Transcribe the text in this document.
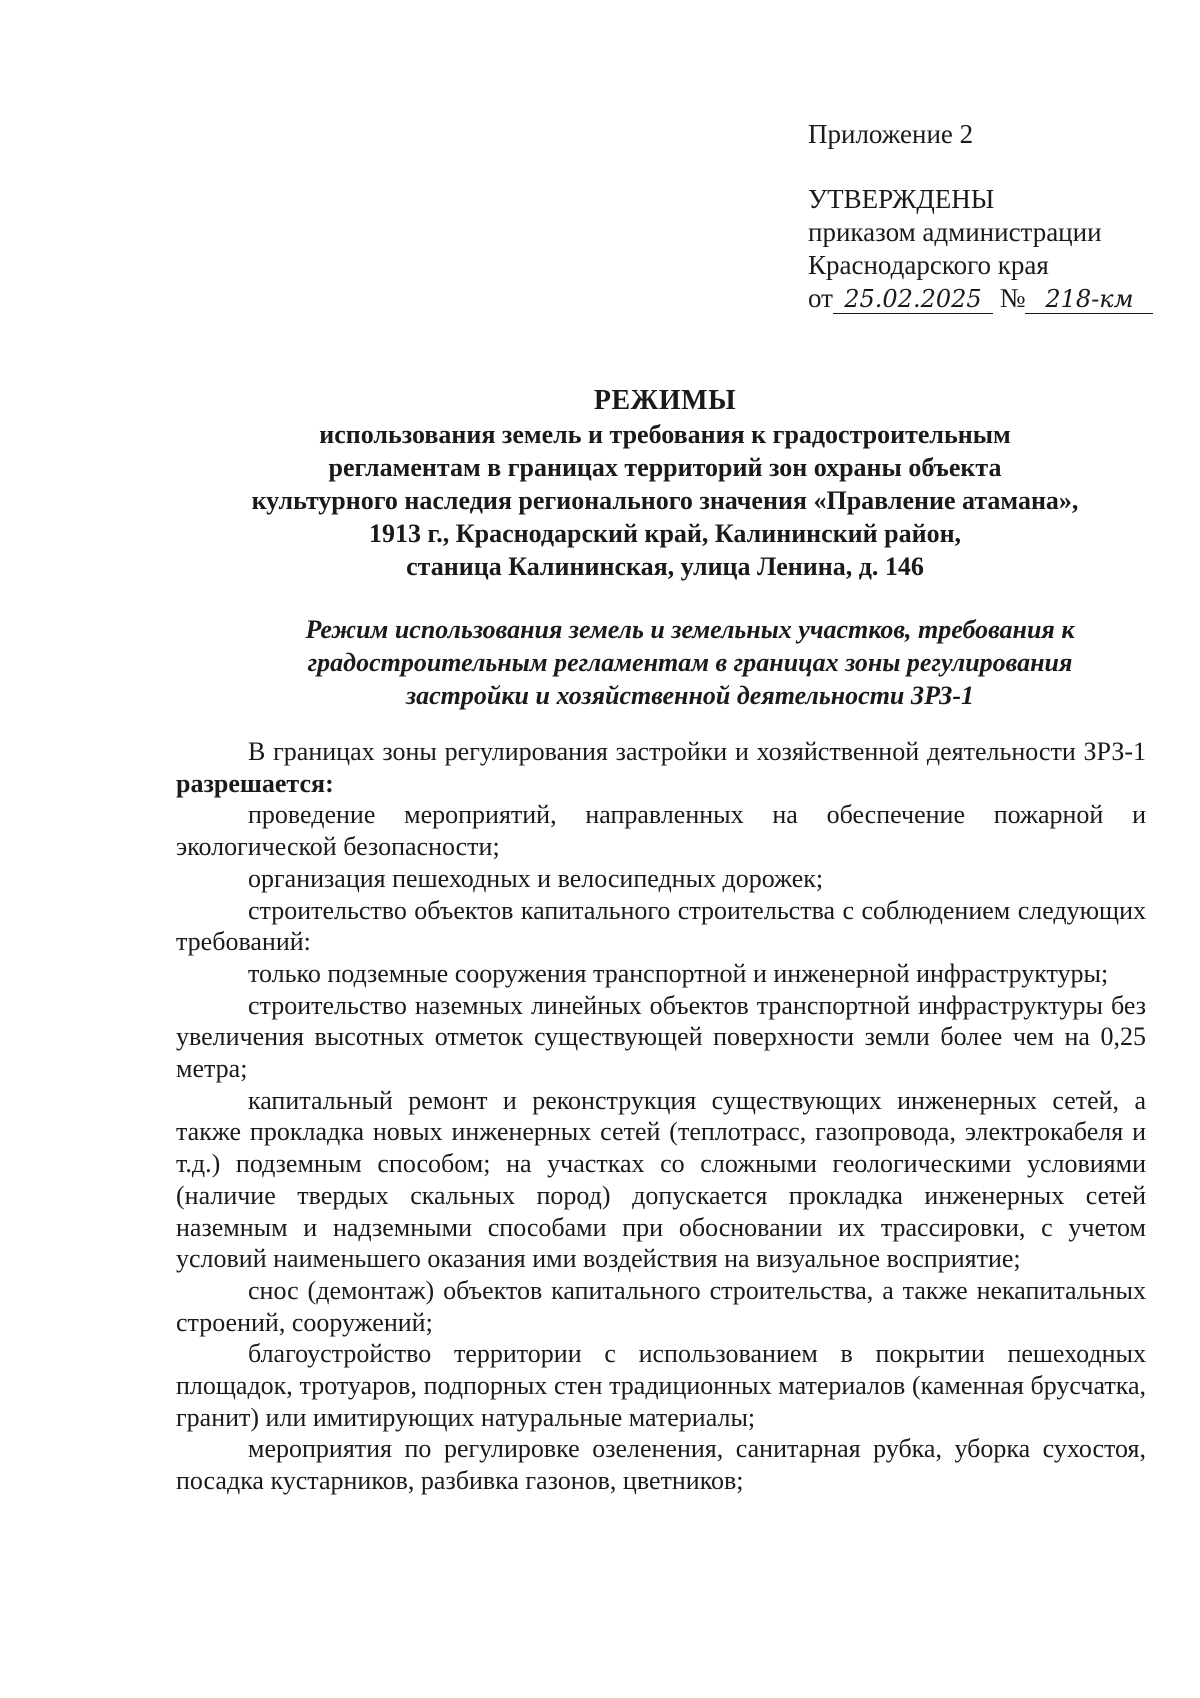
Приложение 2
УТВЕРЖДЕНЫ
приказом администрации
Краснодарского края
от 25.02.2025 № 218-км
РЕЖИМЫ
использования земель и требования к градостроительным
регламентам в границах территорий зон охраны объекта
культурного наследия регионального значения «Правление атамана»,
1913 г., Краснодарский край, Калининский район,
станица Калининская, улица Ленина, д. 146
Режим использования земель и земельных участков, требования к
градостроительным регламентам в границах зоны регулирования
застройки и хозяйственной деятельности ЗРЗ-1

В границах зоны регулирования застройки и хозяйственной деятельности ЗРЗ-1 разрешается:

проведение мероприятий, направленных на обеспечение пожарной и экологической безопасности;

организация пешеходных и велосипедных дорожек;

строительство объектов капитального строительства с соблюдением следующих требований:

только подземные сооружения транспортной и инженерной инфраструктуры;

строительство наземных линейных объектов транспортной инфраструктуры без увеличения высотных отметок существующей поверхности земли более чем на 0,25 метра;

капитальный ремонт и реконструкция существующих инженерных сетей, а также прокладка новых инженерных сетей (теплотрасс, газопровода, электрокабеля и т.д.) подземным способом; на участках со сложными геологическими условиями (наличие твердых скальных пород) допускается прокладка инженерных сетей наземным и надземными способами при обосновании их трассировки, с учетом условий наименьшего оказания ими воздействия на визуальное восприятие;

снос (демонтаж) объектов капитального строительства, а также некапитальных строений, сооружений;

благоустройство территории с использованием в покрытии пешеходных площадок, тротуаров, подпорных стен традиционных материалов (каменная брусчатка, гранит) или имитирующих натуральные материалы;

мероприятия по регулировке озеленения, санитарная рубка, уборка сухостоя, посадка кустарников, разбивка газонов, цветников;
